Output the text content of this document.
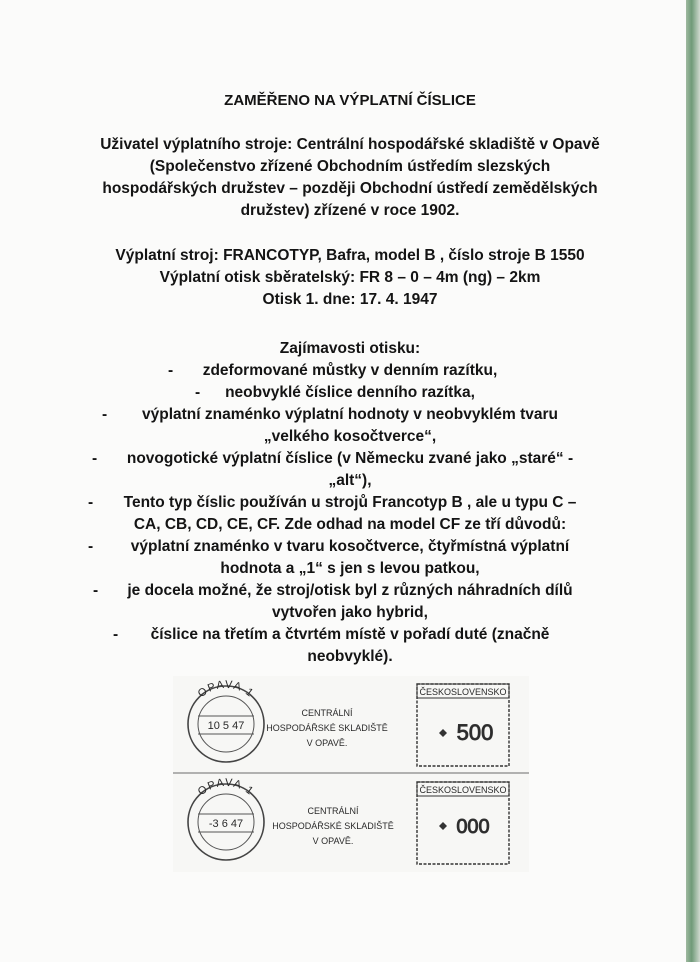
ZAMĚŘENO NA VÝPLATNÍ ČÍSLICE
Uživatel výplatního stroje: Centrální hospodářské skladiště v Opavě
(Společenstvo zřízené Obchodním ústředím slezských
hospodářských družstev – později Obchodní ústředí zemědělských
družstev) zřízené v roce 1902.
Výplatní stroj: FRANCOTYP, Bafra, model B , číslo stroje B 1550
Výplatní otisk sběratelský: FR 8 – 0 – 4m (ng) – 2km
Otisk 1. dne: 17. 4. 1947
Zajímavosti otisku:
-	zdeformované můstky v denním razítku,
-	neobvyklé číslice denního razítka,
-	výplatní znaménko výplatní hodnoty v neobvyklém tvaru
„velkého kosočtverce“,
-	novogotické výplatní číslice (v Německu zvané jako „staré“ -
„alt“),
-	Tento typ číslic používán u strojů Francotyp B , ale u typu C –
CA, CB, CD, CE, CF. Zde odhad na model CF ze tří důvodů:
-	výplatní znaménko v tvaru kosočtverce, čtyřmístná výplatní
hodnota a „1“ s jen s levou patkou,
-	je docela možné, že stroj/otisk byl z různých náhradních dílů
vytvořen jako hybrid,
-	číslice na třetím a čtvrtém místě v pořadí duté (značně
neobvyklé).
OPAVA 1
10 5 47
CENTRÁLNÍ
HOSPODÁŘSKÉ SKLADIŠTĚ
V OPAVĚ.
ČESKOSLOVENSKO
500
OPAVA 1
-3 6 47
CENTRÁLNÍ
HOSPODÁŘSKÉ SKLADIŠTĚ
V OPAVĚ.
ČESKOSLOVENSKO
000
